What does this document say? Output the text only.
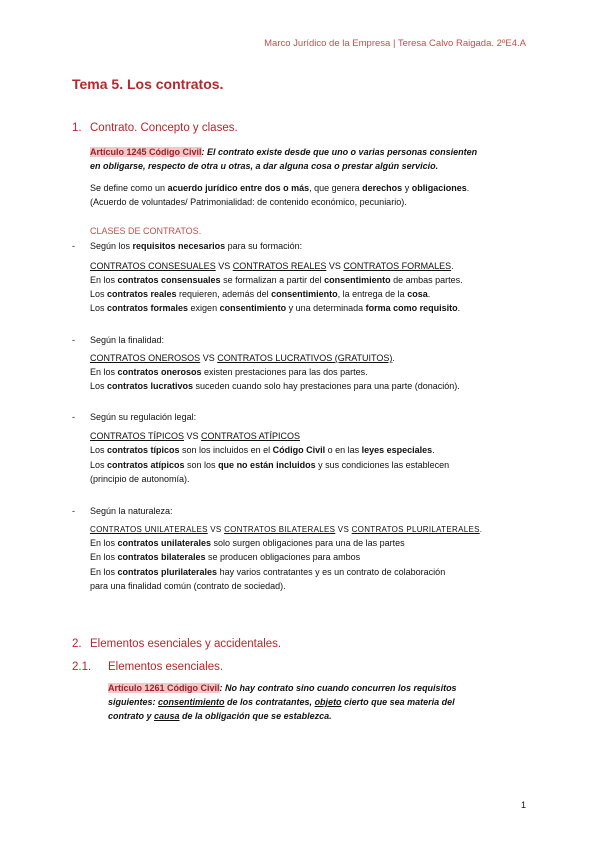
Marco Jurídico de la Empresa | Teresa Calvo Raigada. 2ºE4.A
Tema 5. Los contratos.
1. Contrato. Concepto y clases.
Artículo 1245 Código Civil: El contrato existe desde que uno o varias personas consienten
en obligarse, respecto de otra u otras, a dar alguna cosa o prestar algún servicio.
Se define como un acuerdo jurídico entre dos o más, que genera derechos y obligaciones.
(Acuerdo de voluntades/ Patrimonialidad: de contenido económico, pecuniario).
CLASES DE CONTRATOS.
- Según los requisitos necesarios para su formación:
CONTRATOS CONSESUALES VS CONTRATOS REALES VS CONTRATOS FORMALES.
En los contratos consensuales se formalizan a partir del consentimiento de ambas partes.
Los contratos reales requieren, además del consentimiento, la entrega de la cosa.
Los contratos formales exigen consentimiento y una determinada forma como requisito.
- Según la finalidad:
CONTRATOS ONEROSOS VS CONTRATOS LUCRATIVOS (GRATUITOS).
En los contratos onerosos existen prestaciones para las dos partes.
Los contratos lucrativos suceden cuando solo hay prestaciones para una parte (donación).
- Según su regulación legal:
CONTRATOS TÍPICOS VS CONTRATOS ATÍPICOS
Los contratos típicos son los incluidos en el Código Civil o en las leyes especiales.
Los contratos atípicos son los que no están incluidos y sus condiciones las establecen
(principio de autonomía).
- Según la naturaleza:
CONTRATOS UNILATERALES VS CONTRATOS BILATERALES VS CONTRATOS PLURILATERALES.
En los contratos unilaterales solo surgen obligaciones para una de las partes
En los contratos bilaterales se producen obligaciones para ambos
En los contratos plurilaterales hay varios contratantes y es un contrato de colaboración
para una finalidad común (contrato de sociedad).
2. Elementos esenciales y accidentales.
2.1. Elementos esenciales.
Artículo 1261 Código Civil: No hay contrato sino cuando concurren los requisitos
siguientes: consentimiento de los contratantes, objeto cierto que sea materia del
contrato y causa de la obligación que se establezca.
1
